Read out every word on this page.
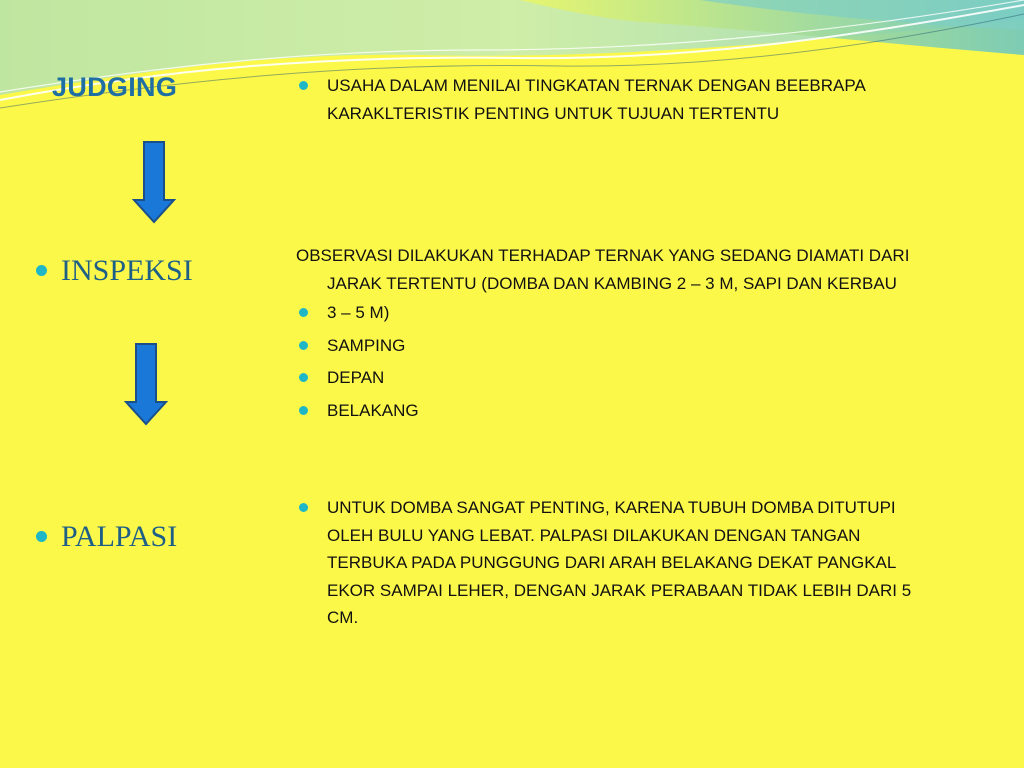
JUDGING
INSPEKSI
PALPASI

USAHA DALAM MENILAI TINGKATAN TERNAK DENGAN BEEBRAPA KARAKLTERISTIK PENTING UNTUK TUJUAN TERTENTU

OBSERVASI DILAKUKAN TERHADAP TERNAK YANG SEDANG DIAMATI DARI JARAK TERTENTU (DOMBA DAN KAMBING 2 – 3 M, SAPI DAN KERBAU

3 – 5 M)

SAMPING

DEPAN

BELAKANG

UNTUK DOMBA SANGAT PENTING, KARENA TUBUH DOMBA DITUTUPI OLEH BULU YANG LEBAT. PALPASI DILAKUKAN DENGAN TANGAN TERBUKA PADA PUNGGUNG DARI ARAH BELAKANG DEKAT PANGKAL EKOR SAMPAI LEHER, DENGAN JARAK PERABAAN TIDAK LEBIH DARI 5 CM.
